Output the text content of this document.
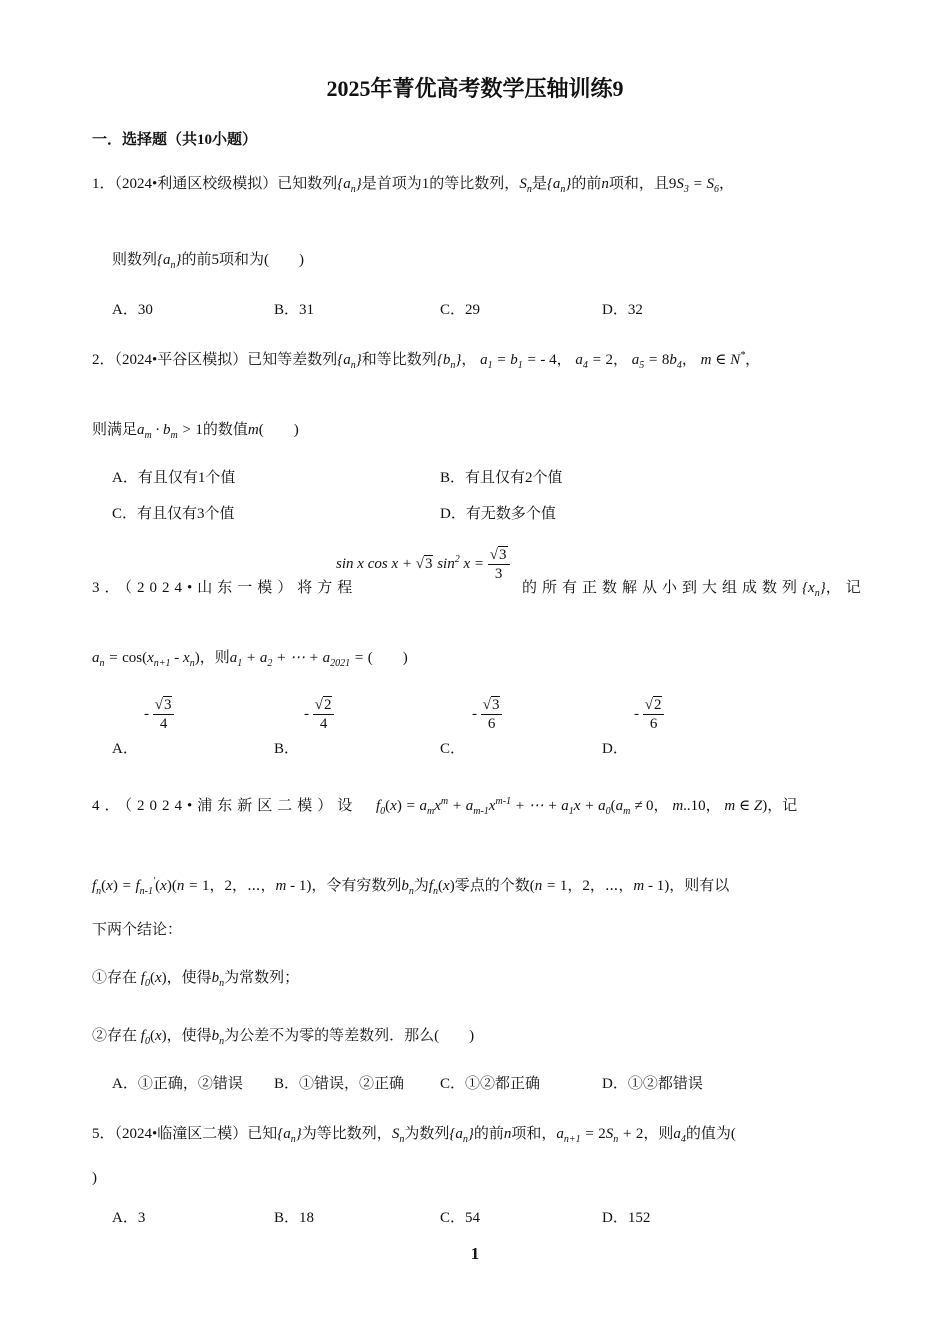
2025年菁优高考数学压轴训练9
一．选择题（共10小题）
1．（2024•利通区校级模拟）已知数列$\{a_n\}$是首项为1的等比数列，$S_n$是$\{a_n\}$的前n项和，且$9S_3 = S_6$，
则数列$\{a_n\}$的前5项和为(　　)
A．30	B．31	C．29	D．32
2．（2024•平谷区模拟）已知等差数列$\{a_n\}$和等比数列$\{b_n\}$， $a_1 = b_1$ = - 4， $a_4 = 2$， $a_5 = 8b_4$， m ∈ N*，
则满足$a_m \cdot b_m > 1$的数值m(　　)
A．有且仅有1个值	B．有且仅有2个值
C．有且仅有3个值	D．有无数多个值
3．（2024•山东一模）将方程
sin x cos x + √3 $\sin^2 x = \frac{√3}{3}$
的所有正数解从小到大组成数列$\{x_n\}$，记
$a_n = \cos(x_{n+1} - x_n)$，则$a_1 + a_2$ + ⋯ + $a_{2021}$ = (　　)
A．
- $\frac{√3}{4}$
B．
- $\frac{√2}{4}$
C．
- $\frac{√3}{6}$
D．
- $\frac{√2}{6}$
4．（2024•浦东新区二模）设 $f_0(x) = a_mx^m + a_{m-1}x^{m-1}$ + ⋯ + $a_1x + a_0(a_m \ne 0$， m..10， m ∈ Z)，记
$f_n(x) = f_{n-1}'(x)(n = 1$，2，⋯，m - 1)，令有穷数列$b_n$为$f_n(x)$零点的个数(n = 1，2，⋯，m - 1)，则有以
下两个结论：
①存在 $f_0(x)$，使得$b_n$为常数列；
②存在 $f_0(x)$，使得$b_n$为公差不为零的等差数列．那么(　　)
A．①正确，②错误 B．①错误，②正确 C．①②都正确	D．①②都错误
5．（2024•临潼区二模）已知$\{a_n\}$为等比数列，$S_n$为数列$\{a_n\}$的前n项和，$a_{n+1} = 2S_n + 2$，则$a_4$的值为(
)
A．3	B．18	C．54	D．152
1
